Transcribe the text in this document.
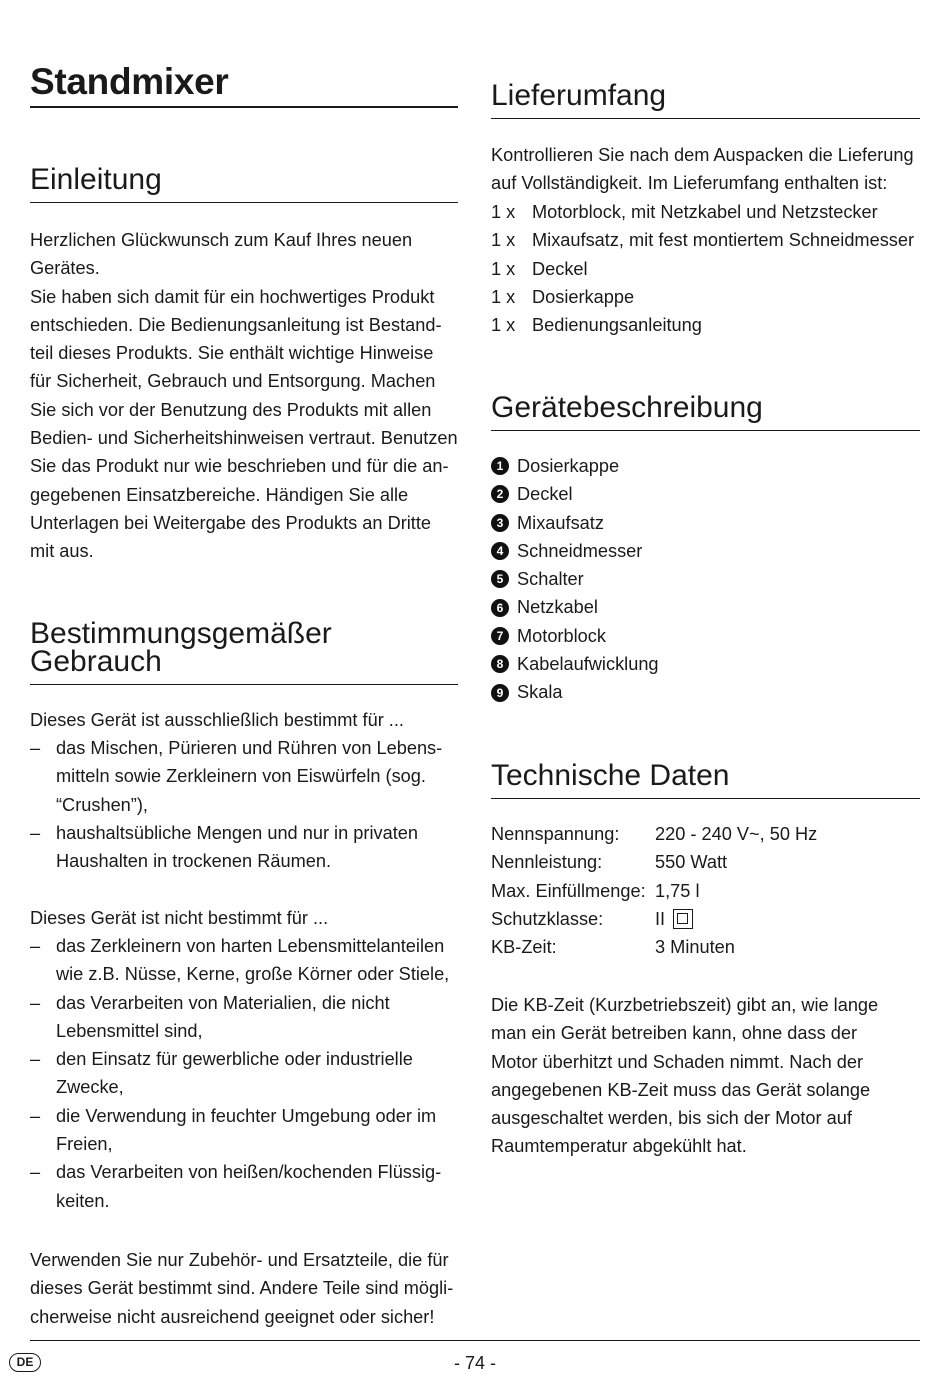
Standmixer
Einleitung
Herzlichen Glückwunsch zum Kauf Ihres neuen
Gerätes.
Sie haben sich damit für ein hochwertiges Produkt
entschieden. Die Bedienungsanleitung ist Bestand-
teil dieses Produkts. Sie enthält wichtige Hinweise
für Sicherheit, Gebrauch und Entsorgung. Machen
Sie sich vor der Benutzung des Produkts mit allen
Bedien- und Sicherheitshinweisen vertraut. Benutzen
Sie das Produkt nur wie beschrieben und für die an-
gegebenen Einsatzbereiche. Händigen Sie alle
Unterlagen bei Weitergabe des Produkts an Dritte
mit aus.
Bestimmungsgemäßer
Gebrauch
Dieses Gerät ist ausschließlich bestimmt für ...
– das Mischen, Pürieren und Rühren von Lebens-
mitteln sowie Zerkleinern von Eiswürfeln (sog.
“Crushen”),
– haushaltsübliche Mengen und nur in privaten
Haushalten in trockenen Räumen.
Dieses Gerät ist nicht bestimmt für ...
– das Zerkleinern von harten Lebensmittelanteilen
wie z.B. Nüsse, Kerne, große Körner oder Stiele,
– das Verarbeiten von Materialien, die nicht
Lebensmittel sind,
– den Einsatz für gewerbliche oder industrielle
Zwecke,
– die Verwendung in feuchter Umgebung oder im
Freien,
– das Verarbeiten von heißen/kochenden Flüssig-
keiten.
Verwenden Sie nur Zubehör- und Ersatzteile, die für
dieses Gerät bestimmt sind. Andere Teile sind mögli-
cherweise nicht ausreichend geeignet oder sicher!
Lieferumfang
Kontrollieren Sie nach dem Auspacken die Lieferung
auf Vollständigkeit. Im Lieferumfang enthalten ist:
1 x Motorblock, mit Netzkabel und Netzstecker
1 x Mixaufsatz, mit fest montiertem Schneidmesser
1 x Deckel
1 x Dosierkappe
1 x Bedienungsanleitung
Gerätebeschreibung
1 Dosierkappe
2 Deckel
3 Mixaufsatz
4 Schneidmesser
5 Schalter
6 Netzkabel
7 Motorblock
8 Kabelaufwicklung
9 Skala
Technische Daten
Nennspannung:	220 - 240 V~, 50 Hz
Nennleistung:	550 Watt
Max. Einfüllmenge:	1,75 l
Schutzklasse:	II

KB-Zeit:	3 Minuten
Die KB-Zeit (Kurzbetriebszeit) gibt an, wie lange
man ein Gerät betreiben kann, ohne dass der
Motor überhitzt und Schaden nimmt. Nach der
angegebenen KB-Zeit muss das Gerät solange
ausgeschaltet werden, bis sich der Motor auf
Raumtemperatur abgekühlt hat.
DE	- 74 -
